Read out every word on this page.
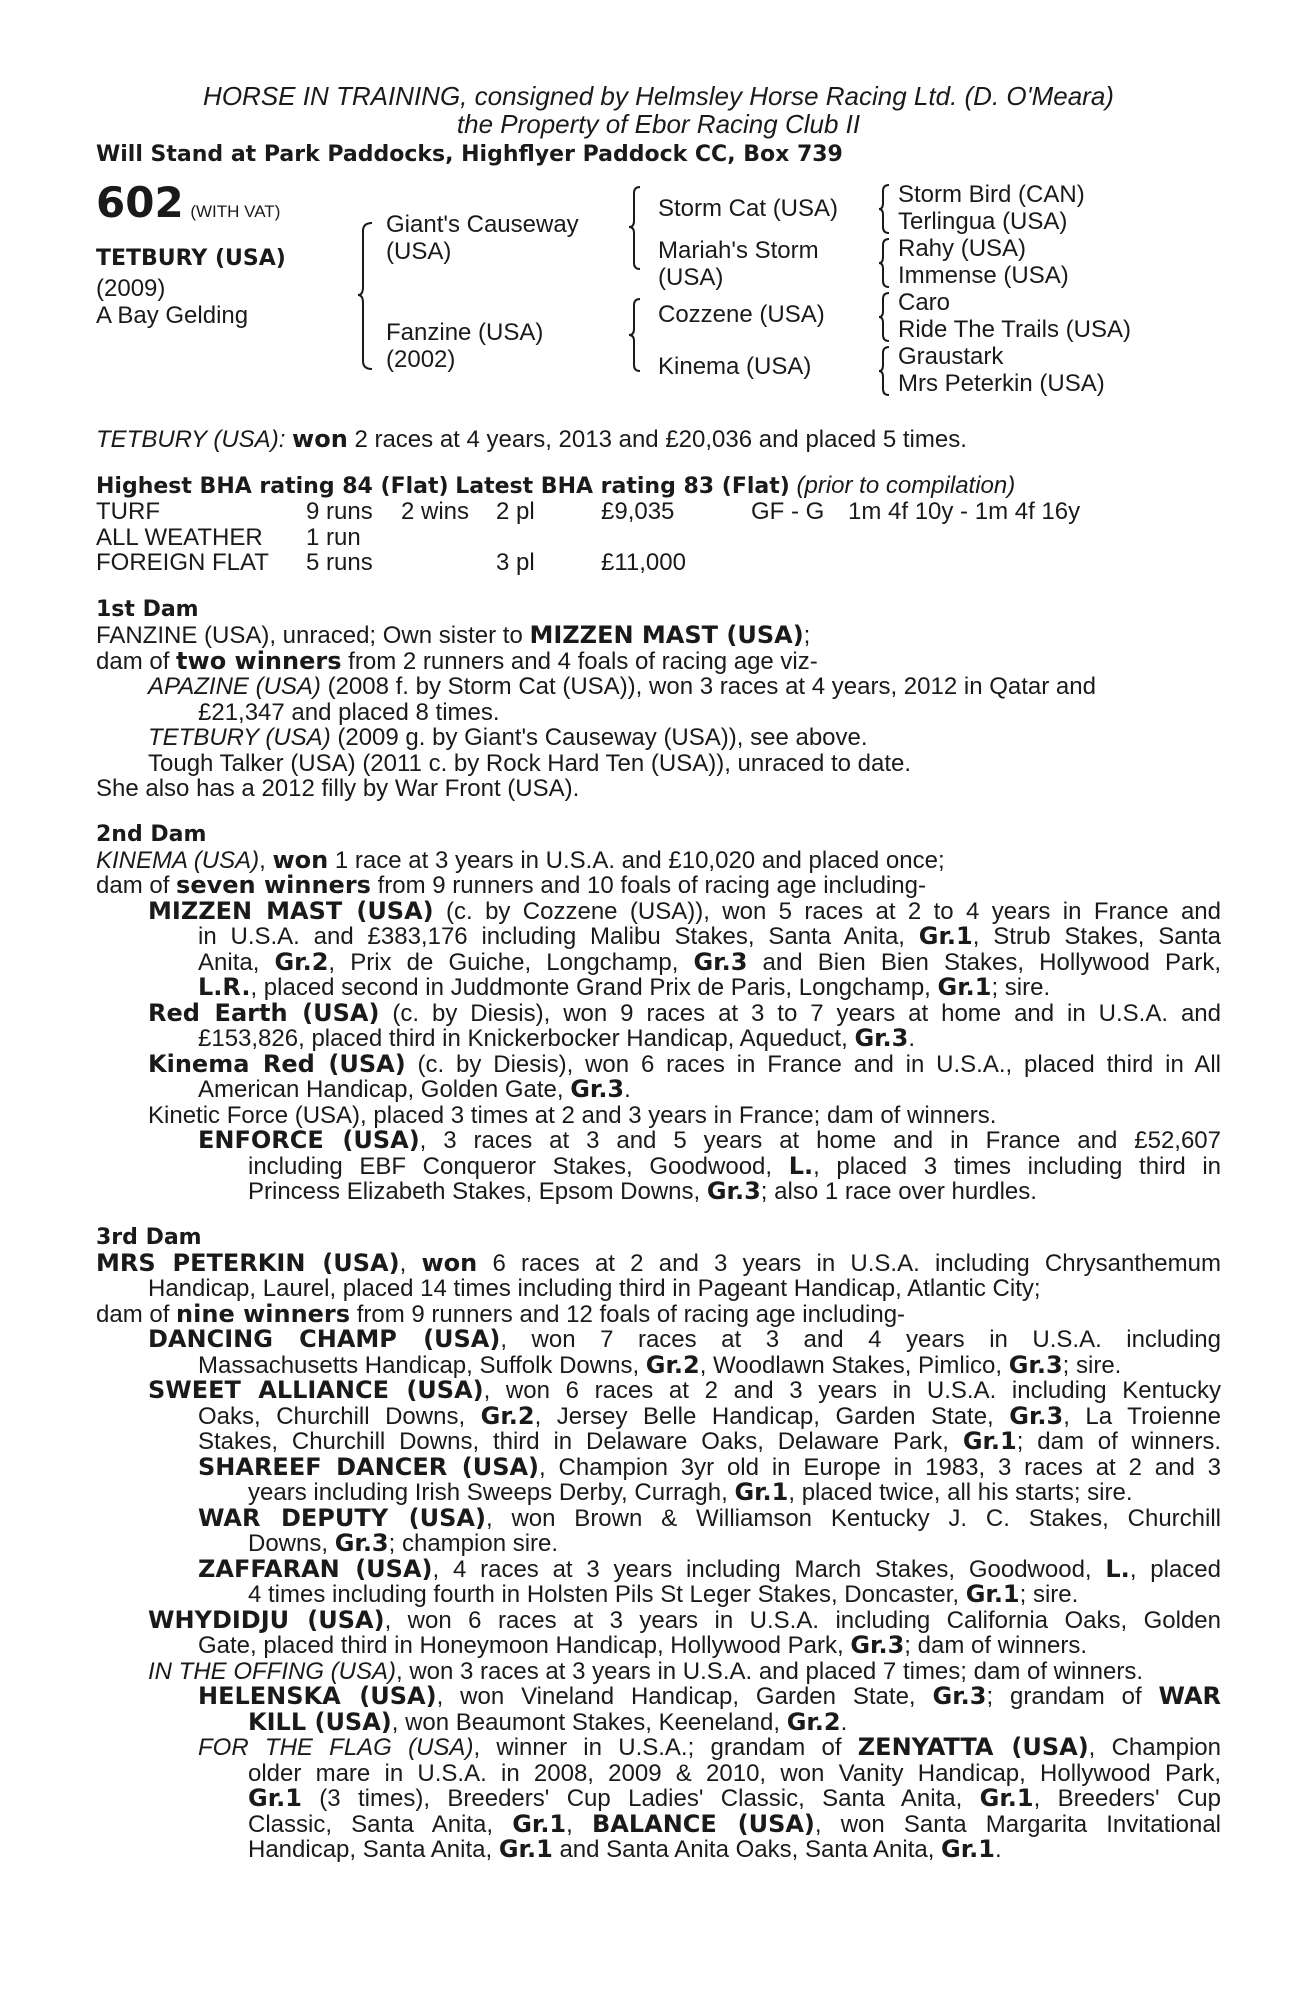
HORSE IN TRAINING, consigned by Helmsley Horse Racing Ltd. (D. O'Meara)
the Property of Ebor Racing Club II
Will Stand at Park Paddocks, Highflyer Paddock CC, Box 739
602 (WITH VAT)
TETBURY (USA)
(2009)
A Bay Gelding
Giant's Causeway
(USA)
Fanzine (USA)
(2002)
Storm Cat (USA)
Mariah's Storm
(USA)
Cozzene (USA)
Kinema (USA)
Storm Bird (CAN)
Terlingua (USA)
Rahy (USA)
Immense (USA)
Caro
Ride The Trails (USA)
Graustark
Mrs Peterkin (USA)
TETBURY (USA): won 2 races at 4 years, 2013 and £20,036 and placed 5 times.
Highest BHA rating 84 (Flat) Latest BHA rating 83 (Flat) (prior to compilation)
TURF	9 runs 2 wins 2 pl	£9,035	GF - G 1m 4f 10y - 1m 4f 16y
ALL WEATHER 1 run
FOREIGN FLAT 5 runs	3 pl	£11,000
1st Dam
FANZINE (USA), unraced; Own sister to MIZZEN MAST (USA);
dam of two winners from 2 runners and 4 foals of racing age viz-
APAZINE (USA) (2008 f. by Storm Cat (USA)), won 3 races at 4 years, 2012 in Qatar and
£21,347 and placed 8 times.
TETBURY (USA) (2009 g. by Giant's Causeway (USA)), see above.
Tough Talker (USA) (2011 c. by Rock Hard Ten (USA)), unraced to date.
She also has a 2012 filly by War Front (USA).
2nd Dam
KINEMA (USA), won 1 race at 3 years in U.S.A. and £10,020 and placed once;
dam of seven winners from 9 runners and 10 foals of racing age including-
MIZZEN MAST (USA) (c. by Cozzene (USA)), won 5 races at 2 to 4 years in France and
in U.S.A. and £383,176 including Malibu Stakes, Santa Anita, Gr.1, Strub Stakes, Santa
Anita, Gr.2, Prix de Guiche, Longchamp, Gr.3 and Bien Bien Stakes, Hollywood Park,
L.R., placed second in Juddmonte Grand Prix de Paris, Longchamp, Gr.1; sire.
Red Earth (USA) (c. by Diesis), won 9 races at 3 to 7 years at home and in U.S.A. and
£153,826, placed third in Knickerbocker Handicap, Aqueduct, Gr.3.
Kinema Red (USA) (c. by Diesis), won 6 races in France and in U.S.A., placed third in All
American Handicap, Golden Gate, Gr.3.
Kinetic Force (USA), placed 3 times at 2 and 3 years in France; dam of winners.
ENFORCE (USA), 3 races at 3 and 5 years at home and in France and £52,607
including EBF Conqueror Stakes, Goodwood, L., placed 3 times including third in
Princess Elizabeth Stakes, Epsom Downs, Gr.3; also 1 race over hurdles.
3rd Dam
MRS PETERKIN (USA), won 6 races at 2 and 3 years in U.S.A. including Chrysanthemum
Handicap, Laurel, placed 14 times including third in Pageant Handicap, Atlantic City;
dam of nine winners from 9 runners and 12 foals of racing age including-
DANCING CHAMP (USA), won 7 races at 3 and 4 years in U.S.A. including
Massachusetts Handicap, Suffolk Downs, Gr.2, Woodlawn Stakes, Pimlico, Gr.3; sire.
SWEET ALLIANCE (USA), won 6 races at 2 and 3 years in U.S.A. including Kentucky
Oaks, Churchill Downs, Gr.2, Jersey Belle Handicap, Garden State, Gr.3, La Troienne
Stakes, Churchill Downs, third in Delaware Oaks, Delaware Park, Gr.1; dam of winners.
SHAREEF DANCER (USA), Champion 3yr old in Europe in 1983, 3 races at 2 and 3
years including Irish Sweeps Derby, Curragh, Gr.1, placed twice, all his starts; sire.
WAR DEPUTY (USA), won Brown & Williamson Kentucky J. C. Stakes, Churchill
Downs, Gr.3; champion sire.
ZAFFARAN (USA), 4 races at 3 years including March Stakes, Goodwood, L., placed
4 times including fourth in Holsten Pils St Leger Stakes, Doncaster, Gr.1; sire.
WHYDIDJU (USA), won 6 races at 3 years in U.S.A. including California Oaks, Golden
Gate, placed third in Honeymoon Handicap, Hollywood Park, Gr.3; dam of winners.
IN THE OFFING (USA), won 3 races at 3 years in U.S.A. and placed 7 times; dam of winners.
HELENSKA (USA), won Vineland Handicap, Garden State, Gr.3; grandam of WAR
KILL (USA), won Beaumont Stakes, Keeneland, Gr.2.
FOR THE FLAG (USA), winner in U.S.A.; grandam of ZENYATTA (USA), Champion
older mare in U.S.A. in 2008, 2009 & 2010, won Vanity Handicap, Hollywood Park,
Gr.1 (3 times), Breeders' Cup Ladies' Classic, Santa Anita, Gr.1, Breeders' Cup
Classic, Santa Anita, Gr.1, BALANCE (USA), won Santa Margarita Invitational
Handicap, Santa Anita, Gr.1 and Santa Anita Oaks, Santa Anita, Gr.1.
